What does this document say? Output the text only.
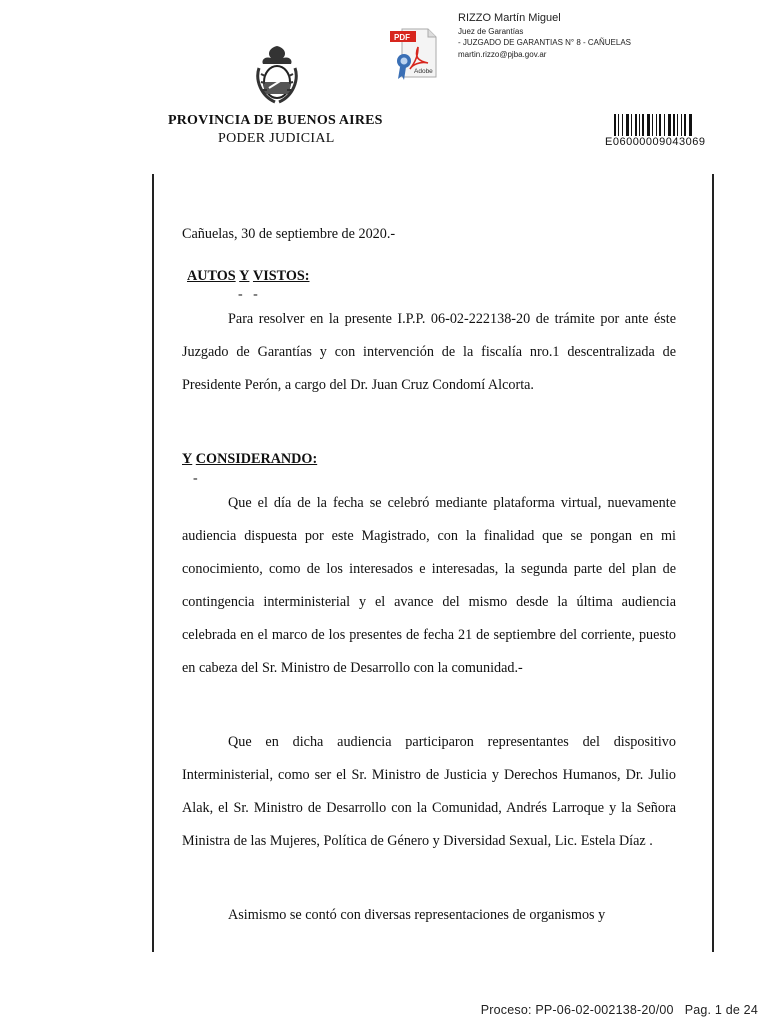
PDF
Adobe
RIZZO Martín Miguel
Juez de Garantías
- JUZGADO DE GARANTIAS N° 8 - CAÑUELAS
martin.rizzo@pjba.gov.ar
PROVINCIA DE BUENOS AIRES
PODER JUDICIAL	E06000009043069
Cañuelas, 30 de septiembre de 2020.-
AUTOS Y VISTOS:
-   -
Para resolver en la presente I.P.P. 06-02-222138-20 de trámite por ante éste Juzgado de Garantías y con intervención de la fiscalía nro.1 descentralizada de Presidente Perón, a cargo del Dr. Juan Cruz Condomí Alcorta.
Y CONSIDERANDO:
-
Que el día de la fecha se celebró mediante plataforma virtual, nuevamente audiencia dispuesta por este Magistrado, con la finalidad que se pongan en mi conocimiento, como de los interesados e interesadas, la segunda parte del plan de contingencia interministerial y el avance del mismo desde la última audiencia celebrada en el marco de los presentes de fecha 21 de septiembre del corriente, puesto en cabeza del Sr. Ministro de Desarrollo con la comunidad.-
Que en dicha audiencia participaron representantes del dispositivo Interministerial, como ser el Sr. Ministro de Justicia y Derechos Humanos, Dr. Julio Alak, el Sr. Ministro de Desarrollo con la Comunidad, Andrés Larroque y la Señora Ministra de las Mujeres, Política de Género y Diversidad Sexual, Lic. Estela Díaz .
Asimismo se contó con diversas representaciones de organismos y
Proceso: PP-06-02-002138-20/00   Pag. 1 de 24
